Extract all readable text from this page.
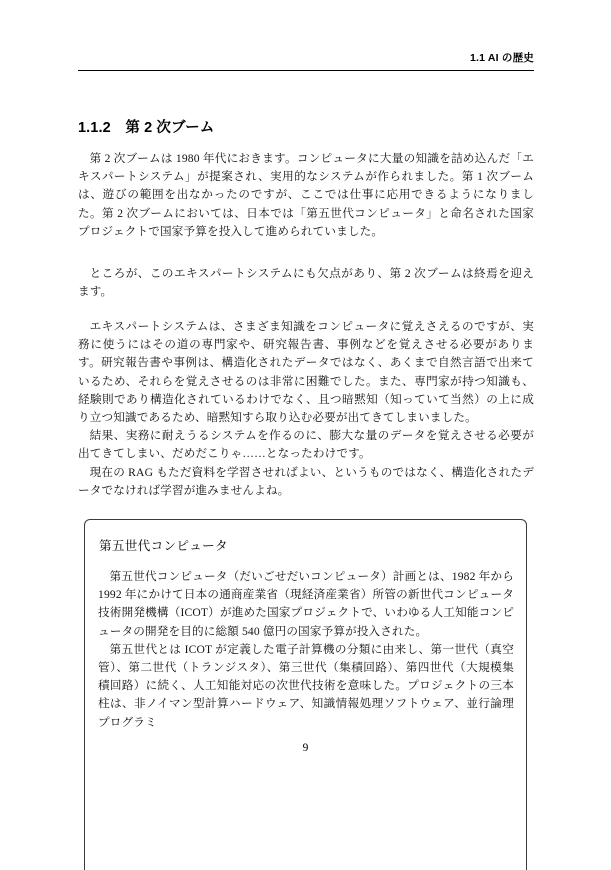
1.1 AI の歴史
1.1.2　第 2 次ブーム

第 2 次ブームは 1980 年代におきます。コンピュータに大量の知識を詰め込んだ「エキスパートシステム」が提案され、実用的なシステムが作られました。第 1 次ブームは、遊びの範囲を出なかったのですが、ここでは仕事に応用できるようになりました。第 2 次ブームにおいては、日本では「第五世代コンピュータ」と命名された国家プロジェクトで国家予算を投入して進められていました。

ところが、このエキスパートシステムにも欠点があり、第 2 次ブームは終焉を迎えます。

エキスパートシステムは、さまざま知識をコンピュータに覚えさえるのですが、実務に使うにはその道の専門家や、研究報告書、事例などを覚えさせる必要があります。研究報告書や事例は、構造化されたデータではなく、あくまで自然言語で出来ているため、それらを覚えさせるのは非常に困難でした。また、専門家が持つ知識も、経験則であり構造化されているわけでなく、且つ暗黙知（知っていて当然）の上に成り立つ知識であるため、暗黙知すら取り込む必要が出てきてしまいました。

結果、実務に耐えうるシステムを作るのに、膨大な量のデータを覚えさせる必要が出てきてしまい、だめだこりゃ……となったわけです。

現在の RAG もただ資料を学習させればよい、というものではなく、構造化されたデータでなければ学習が進みませんよね。

第五世代コンピュータ

第五世代コンピュータ（だいごせだいコンピュータ）計画とは、1982 年から 1992 年にかけて日本の通商産業省（現経済産業省）所管の新世代コンピュータ技術開発機構（ICOT）が進めた国家プロジェクトで、いわゆる人工知能コンピュータの開発を目的に総額 540 億円の国家予算が投入された。

第五世代とは ICOT が定義した電子計算機の分類に由来し、第一世代（真空管）、第二世代（トランジスタ）、第三世代（集積回路）、第四世代（大規模集積回路）に続く、人工知能対応の次世代技術を意味した。プロジェクトの三本柱は、非ノイマン型計算ハードウェア、知識情報処理ソフトウェア、並行論理プログラミ

9
